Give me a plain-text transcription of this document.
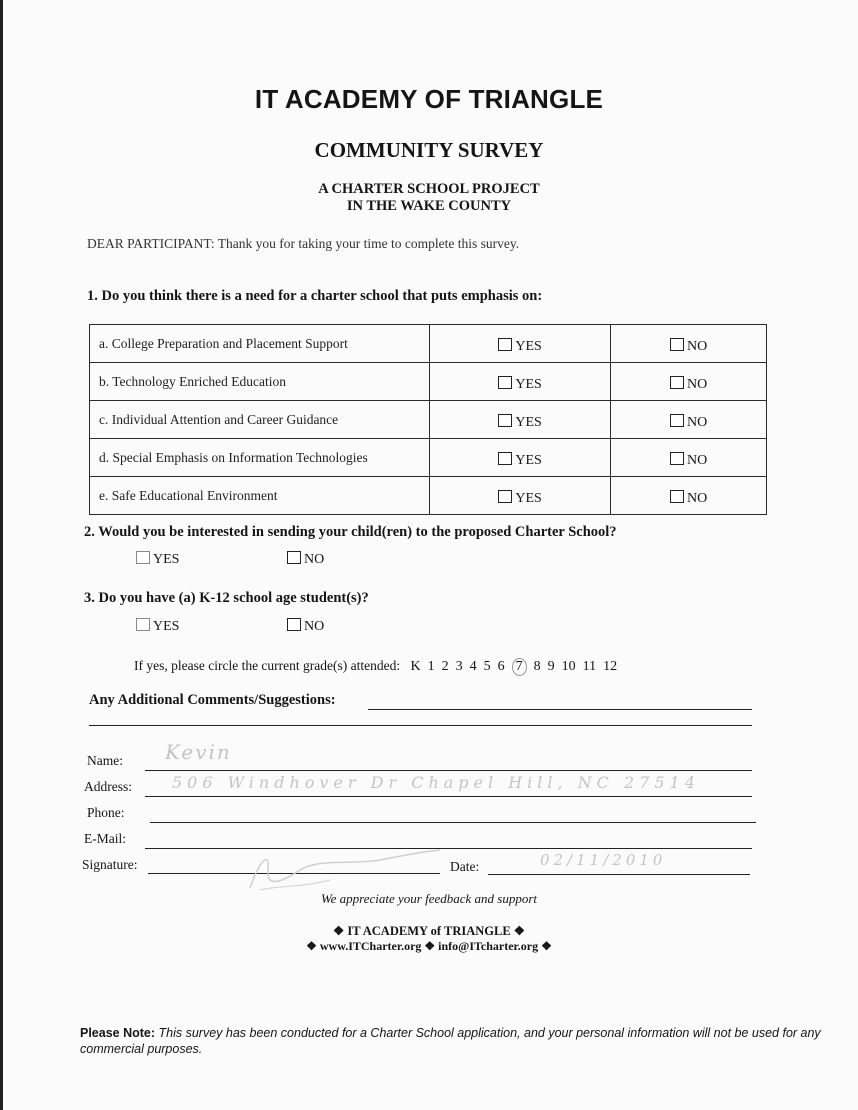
IT ACADEMY OF TRIANGLE
COMMUNITY SURVEY
A CHARTER SCHOOL PROJECT
IN THE WAKE COUNTY
DEAR PARTICIPANT: Thank you for taking your time to complete this survey.
1. Do you think there is a need for a charter school that puts emphasis on:
a. College Preparation and Placement Support	YES	NO
b. Technology Enriched Education	YES	NO
c. Individual Attention and Career Guidance	YES	NO
d. Special Emphasis on Information Technologies	YES	NO
e. Safe Educational Environment	YES	NO
2. Would you be interested in sending your child(ren) to the proposed Charter School?
YES	NO
3. Do you have (a) K-12 school age student(s)?
YES	NO
If yes, please circle the current grade(s) attended: K 1 2 3 4 5 6 7 8 9 10 11 12
Any Additional Comments/Suggestions:
Name: Kevin
Address:	506 Windhover Dr Chapel Hill, NC 27514
Phone:
E-Mail:
Signature:	Date:	02/11/2010
We appreciate your feedback and support
❖ IT ACADEMY of TRIANGLE ❖
❖ www.ITCharter.org ❖ info@ITcharter.org ❖
Please Note: This survey has been conducted for a Charter School application, and your personal information will not be used for any commercial purposes.
